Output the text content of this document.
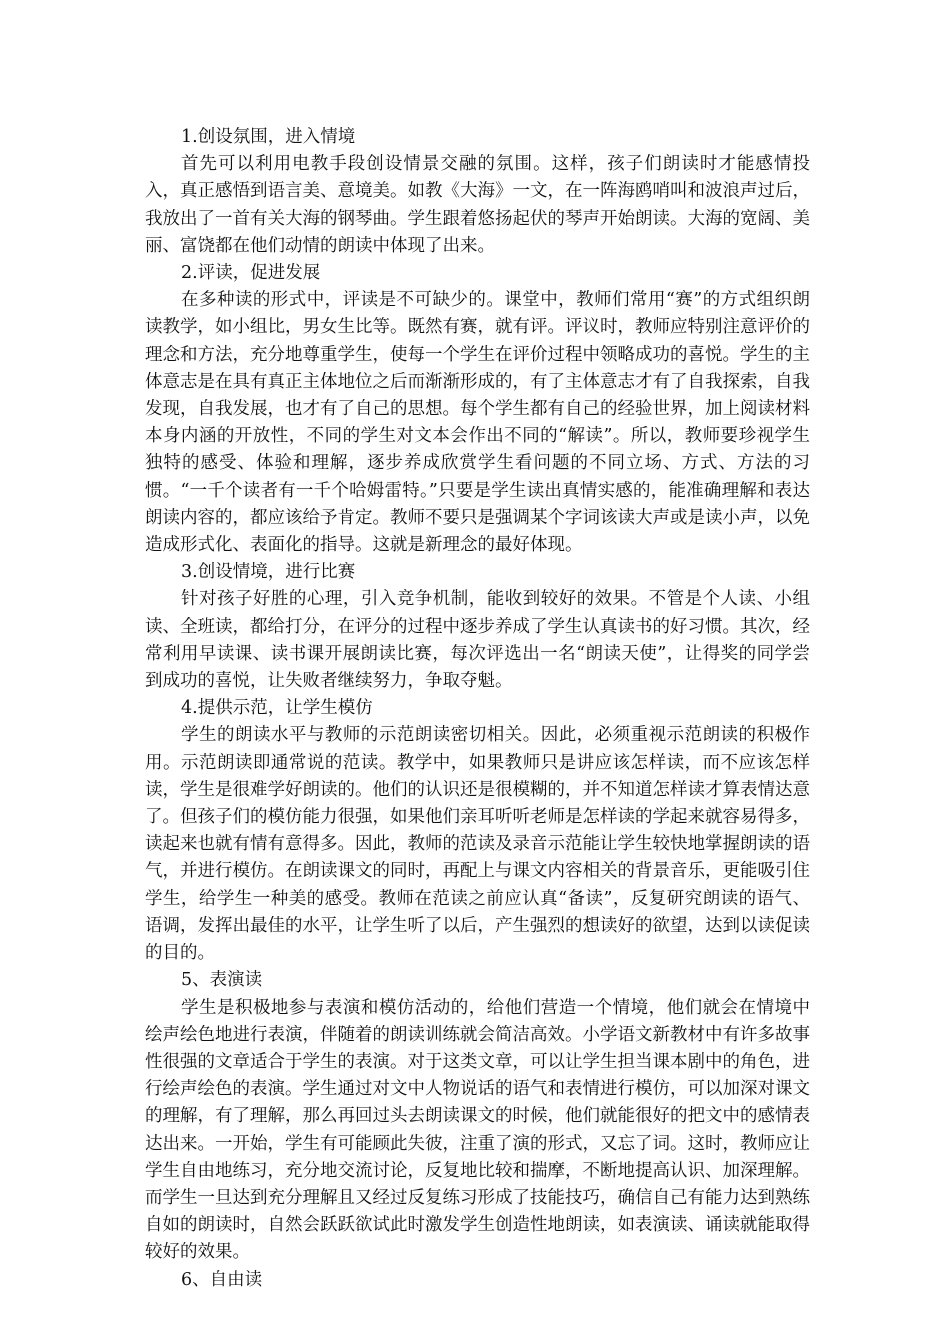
1.创设氛围，进入情境

首先可以利用电教手段创设情景交融的氛围。这样，孩子们朗读时才能感情投入，真正感悟到语言美、意境美。如教《大海》一文，在一阵海鸥哨叫和波浪声过后，我放出了一首有关大海的钢琴曲。学生跟着悠扬起伏的琴声开始朗读。大海的宽阔、美丽、富饶都在他们动情的朗读中体现了出来。

2.评读，促进发展

在多种读的形式中，评读是不可缺少的。课堂中，教师们常用“赛”的方式组织朗读教学，如小组比，男女生比等。既然有赛，就有评。评议时，教师应特别注意评价的理念和方法，充分地尊重学生，使每一个学生在评价过程中领略成功的喜悦。学生的主体意志是在具有真正主体地位之后而渐渐形成的，有了主体意志才有了自我探索，自我发现，自我发展，也才有了自己的思想。每个学生都有自己的经验世界，加上阅读材料本身内涵的开放性，不同的学生对文本会作出不同的“解读”。所以，教师要珍视学生独特的感受、体验和理解，逐步养成欣赏学生看问题的不同立场、方式、方法的习惯。“一千个读者有一千个哈姆雷特。”只要是学生读出真情实感的，能准确理解和表达朗读内容的，都应该给予肯定。教师不要只是强调某个字词该读大声或是读小声，以免造成形式化、表面化的指导。这就是新理念的最好体现。

3.创设情境，进行比赛

针对孩子好胜的心理，引入竞争机制，能收到较好的效果。不管是个人读、小组读、全班读，都给打分，在评分的过程中逐步养成了学生认真读书的好习惯。其次，经常利用早读课、读书课开展朗读比赛，每次评选出一名“朗读天使”，让得奖的同学尝到成功的喜悦，让失败者继续努力，争取夺魁。

4.提供示范，让学生模仿

学生的朗读水平与教师的示范朗读密切相关。因此，必须重视示范朗读的积极作用。示范朗读即通常说的范读。教学中，如果教师只是讲应该怎样读，而不应该怎样读，学生是很难学好朗读的。他们的认识还是很模糊的，并不知道怎样读才算表情达意了。但孩子们的模仿能力很强，如果他们亲耳听听老师是怎样读的学起来就容易得多，读起来也就有情有意得多。因此，教师的范读及录音示范能让学生较快地掌握朗读的语气，并进行模仿。在朗读课文的同时，再配上与课文内容相关的背景音乐，更能吸引住学生，给学生一种美的感受。教师在范读之前应认真“备读”，反复研究朗读的语气、语调，发挥出最佳的水平，让学生听了以后，产生强烈的想读好的欲望，达到以读促读的目的。

5、表演读

学生是积极地参与表演和模仿活动的，给他们营造一个情境，他们就会在情境中绘声绘色地进行表演，伴随着的朗读训练就会简洁高效。小学语文新教材中有许多故事性很强的文章适合于学生的表演。对于这类文章，可以让学生担当课本剧中的角色，进行绘声绘色的表演。学生通过对文中人物说话的语气和表情进行模仿，可以加深对课文的理解，有了理解，那么再回过头去朗读课文的时候，他们就能很好的把文中的感情表达出来。一开始，学生有可能顾此失彼，注重了演的形式，又忘了词。这时，教师应让学生自由地练习，充分地交流讨论，反复地比较和揣摩，不断地提高认识、加深理解。而学生一旦达到充分理解且又经过反复练习形成了技能技巧，确信自己有能力达到熟练自如的朗读时，自然会跃跃欲试此时激发学生创造性地朗读，如表演读、诵读就能取得较好的效果。

6、自由读
